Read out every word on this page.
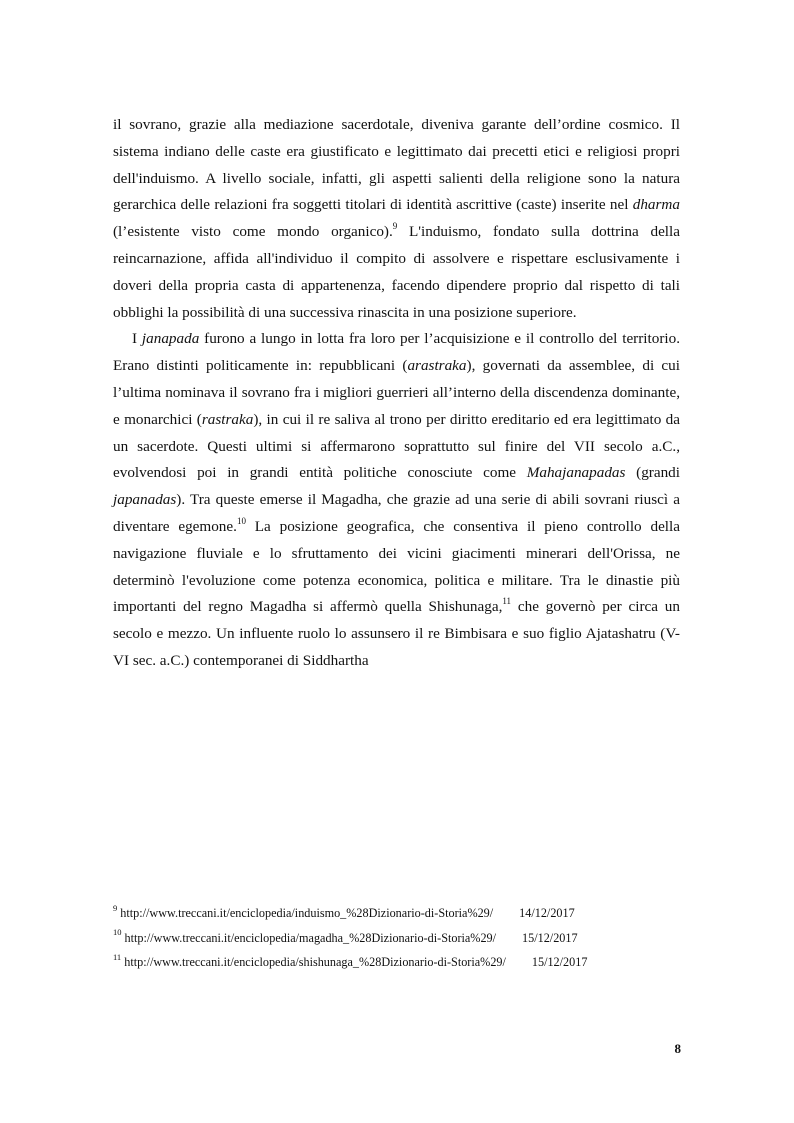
il sovrano, grazie alla mediazione sacerdotale, diveniva garante dell’ordine cosmico. Il sistema indiano delle caste era giustificato e legittimato dai precetti etici e religiosi propri dell'induismo. A livello sociale, infatti, gli aspetti salienti della religione sono la natura gerarchica delle relazioni fra soggetti titolari di identità ascrittive (caste) inserite nel dharma (l’esistente visto come mondo organico).$^9$ L'induismo, fondato sulla dottrina della reincarnazione, affida all'individuo il compito di assolvere e rispettare esclusivamente i doveri della propria casta di appartenenza, facendo dipendere proprio dal rispetto di tali obblighi la possibilità di una successiva rinascita in una posizione superiore.

I janapada furono a lungo in lotta fra loro per l’acquisizione e il controllo del territorio. Erano distinti politicamente in: repubblicani (arastraka), governati da assemblee, di cui l’ultima nominava il sovrano fra i migliori guerrieri all’interno della discendenza dominante, e monarchici (rastraka), in cui il re saliva al trono per diritto ereditario ed era legittimato da un sacerdote. Questi ultimi si affermarono soprattutto sul finire del VII secolo a.C., evolvendosi poi in grandi entità politiche conosciute come Mahajanapadas (grandi japanadas). Tra queste emerse il Magadha, che grazie ad una serie di abili sovrani riuscì a diventare egemone.$^{10}$ La posizione geografica, che consentiva il pieno controllo della navigazione fluviale e lo sfruttamento dei vicini giacimenti minerari dell'Orissa, ne determinò l'evoluzione come potenza economica, politica e militare. Tra le dinastie più importanti del regno Magadha si affermò quella Shishunaga,$^{11}$ che governò per circa un secolo e mezzo. Un influente ruolo lo assunsero il re Bimbisara e suo figlio Ajatashatru (V-VI sec. a.C.) contemporanei di Siddhartha

$^9$ http://www.treccani.it/enciclopedia/induismo_%28Dizionario-di-Storia%29/ 14/12/2017
$^{10}$ http://www.treccani.it/enciclopedia/magadha_%28Dizionario-di-Storia%29/ 15/12/2017
$^{11}$ http://www.treccani.it/enciclopedia/shishunaga_%28Dizionario-di-Storia%29/ 15/12/2017
8
